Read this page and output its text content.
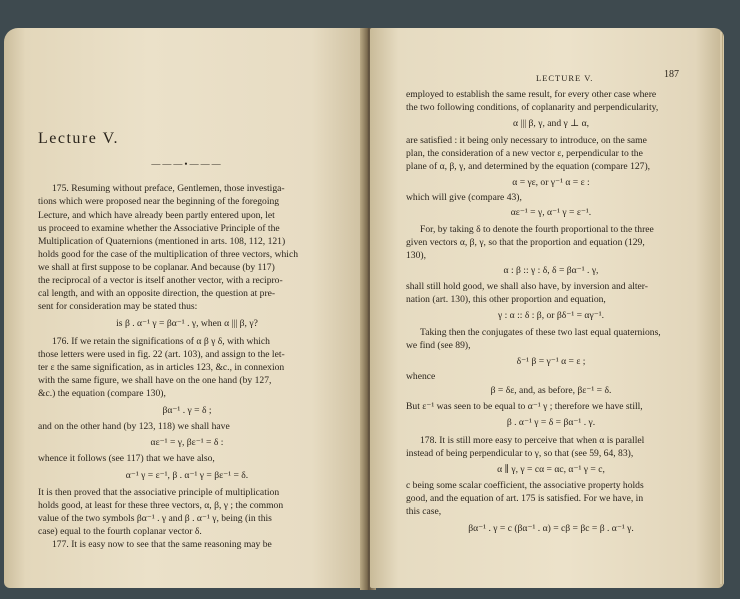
Lecture V.

———•———

175. Resuming without preface, Gentlemen, those investiga-

tions which were proposed near the beginning of the foregoing

Lecture, and which have already been partly entered upon, let

us proceed to examine whether the Associative Principle of the

Multiplication of Quaternions (mentioned in arts. 108, 112, 121)

holds good for the case of the multiplication of three vectors, which

we shall at first suppose to be coplanar. And because (by 117)

the reciprocal of a vector is itself another vector, with a recipro-

cal length, and with an opposite direction, the question at pre-

sent for consideration may be stated thus:

is β . α⁻¹ γ = βα⁻¹ . γ, when α ||| β, γ?

176. If we retain the significations of α β γ δ, with which

those letters were used in fig. 22 (art. 103), and assign to the let-

ter ε the same signification, as in articles 123, &c., in connexion

with the same figure, we shall have on the one hand (by 127,

&c.) the equation (compare 130),

βα⁻¹ . γ = δ ;

and on the other hand (by 123, 118) we shall have

αε⁻¹ = γ, βε⁻¹ = δ :

whence it follows (see 117) that we have also,

α⁻¹ γ = ε⁻¹, β . α⁻¹ γ = βε⁻¹ = δ.

It is then proved that the associative principle of multiplication

holds good, at least for these three vectors, α, β, γ ; the common

value of the two symbols βα⁻¹ . γ and β . α⁻¹ γ, being (in this

case) equal to the fourth coplanar vector δ.

177. It is easy now to see that the same reasoning may be

LECTURE V.	187

employed to establish the same result, for every other case where

the two following conditions, of coplanarity and perpendicularity,

α ||| β, γ, and γ ⊥ α,

are satisfied : it being only necessary to introduce, on the same

plan, the consideration of a new vector ε, perpendicular to the

plane of α, β, γ, and determined by the equation (compare 127),

α = γε, or γ⁻¹ α = ε :

which will give (compare 43),

αε⁻¹ = γ, α⁻¹ γ = ε⁻¹.

For, by taking δ to denote the fourth proportional to the three

given vectors α, β, γ, so that the proportion and equation (129,

130),

α : β :: γ : δ, δ = βα⁻¹ . γ,

shall still hold good, we shall also have, by inversion and alter-

nation (art. 130), this other proportion and equation,

γ : α :: δ : β, or βδ⁻¹ = αγ⁻¹.

Taking then the conjugates of these two last equal quaternions,

we find (see 89),

δ⁻¹ β = γ⁻¹ α = ε ;

whence

β = δε, and, as before, βε⁻¹ = δ.

But ε⁻¹ was seen to be equal to α⁻¹ γ ; therefore we have still,

β . α⁻¹ γ = δ = βα⁻¹ . γ.

178. It is still more easy to perceive that when α is parallel

instead of being perpendicular to γ, so that (see 59, 64, 83),

α ∥ γ, γ = cα = αc, α⁻¹ γ = c,

c being some scalar coefficient, the associative property holds

good, and the equation of art. 175 is satisfied. For we have, in

this case,

βα⁻¹ . γ = c (βα⁻¹ . α) = cβ = βc = β . α⁻¹ γ.
